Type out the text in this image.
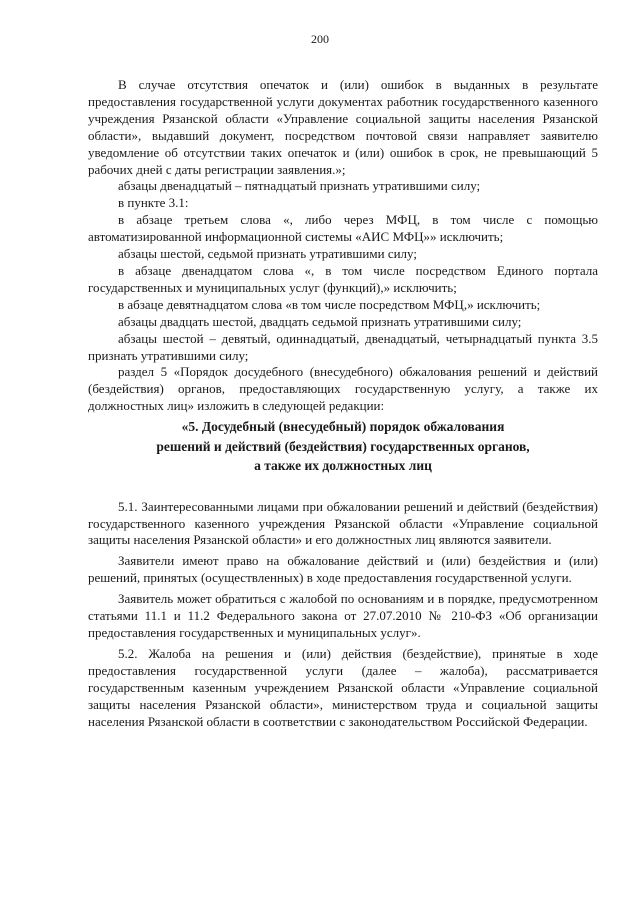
200

В случае отсутствия опечаток и (или) ошибок в выданных в результате предоставления государственной услуги документах работник государственного казенного учреждения Рязанской области «Управление социальной защиты населения Рязанской области», выдавший документ, посредством почтовой связи направляет заявителю уведомление об отсутствии таких опечаток и (или) ошибок в срок, не превышающий 5 рабочих дней с даты регистрации заявления.»;

абзацы двенадцатый – пятнадцатый признать утратившими силу;

в пункте 3.1:

в абзаце третьем слова «, либо через МФЦ, в том числе с помощью автоматизированной информационной системы «АИС МФЦ»» исключить;

абзацы шестой, седьмой признать утратившими силу;

в абзаце двенадцатом слова «, в том числе посредством Единого портала государственных и муниципальных услуг (функций),» исключить;

в абзаце девятнадцатом слова «в том числе посредством МФЦ,» исключить;

абзацы двадцать шестой, двадцать седьмой признать утратившими силу;

абзацы шестой – девятый, одиннадцатый, двенадцатый, четырнадцатый пункта 3.5 признать утратившими силу;

раздел 5 «Порядок досудебного (внесудебного) обжалования решений и действий (бездействия) органов, предоставляющих государственную услугу, а также их должностных лиц» изложить в следующей редакции:

«5. Досудебный (внесудебный) порядок обжалования
решений и действий (бездействия) государственных органов,
а также их должностных лиц

5.1. Заинтересованными лицами при обжаловании решений и действий (бездействия) государственного казенного учреждения Рязанской области «Управление социальной защиты населения Рязанской области» и его должностных лиц являются заявители.

Заявители имеют право на обжалование действий и (или) бездействия и (или) решений, принятых (осуществленных) в ходе предоставления государственной услуги.

Заявитель может обратиться с жалобой по основаниям и в порядке, предусмотренном статьями 11.1 и 11.2 Федерального закона от 27.07.2010 № 210-ФЗ «Об организации предоставления государственных и муниципальных услуг».

5.2. Жалоба на решения и (или) действия (бездействие), принятые в ходе предоставления государственной услуги (далее – жалоба), рассматривается государственным казенным учреждением Рязанской области «Управление социальной защиты населения Рязанской области», министерством труда и социальной защиты населения Рязанской области в соответствии с законодательством Российской Федерации.
